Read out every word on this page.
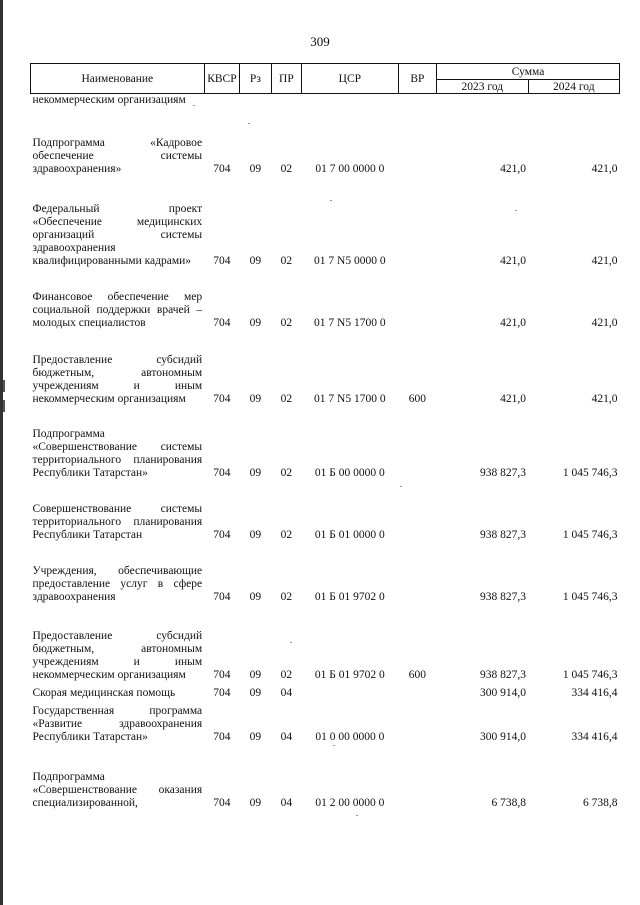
309
Наименование	КВСР	Рз	ПР	ЦСР	ВР	Сумма	
						2023 год	2024 год
некоммерческим организациям							
Подпрограмма «Кадровое обеспечение системы здравоохранения»	704	09	02	01 7 00 0000 0		421,0	421,0
Федеральный проект «Обеспечение медицинских организаций системы здравоохранения квалифицированными кадрами»	704	09	02	01 7 N5 0000 0		421,0	421,0
Финансовое обеспечение мер социальной поддержки врачей – молодых специалистов	704	09	02	01 7 N5 1700 0		421,0	421,0
Предоставление субсидий бюджетным, автономным учреждениям и иным некоммерческим организациям	704	09	02	01 7 N5 1700 0	600	421,0	421,0
Подпрограмма «Совершенствование системы территориального планирования Республики Татарстан»	704	09	02	01 Б 00 0000 0		938 827,3	1 045 746,3
Совершенствование системы территориального планирования Республики Татарстан	704	09	02	01 Б 01 0000 0		938 827,3	1 045 746,3
Учреждения, обеспечивающие предоставление услуг в сфере здравоохранения	704	09	02	01 Б 01 9702 0		938 827,3	1 045 746,3
Предоставление субсидий бюджетным, автономным учреждениям и иным некоммерческим организациям	704	09	02	01 Б 01 9702 0	600	938 827,3	1 045 746,3
Скорая медицинская помощь	704	09	04			300 914,0	334 416,4
Государственная программа «Развитие здравоохранения Республики Татарстан»	704	09	04	01 0 00 0000 0		300 914,0	334 416,4
Подпрограмма «Совершенствование оказания специализированной,	704	09	04	01 2 00 0000 0		6 738,8	6 738,8
